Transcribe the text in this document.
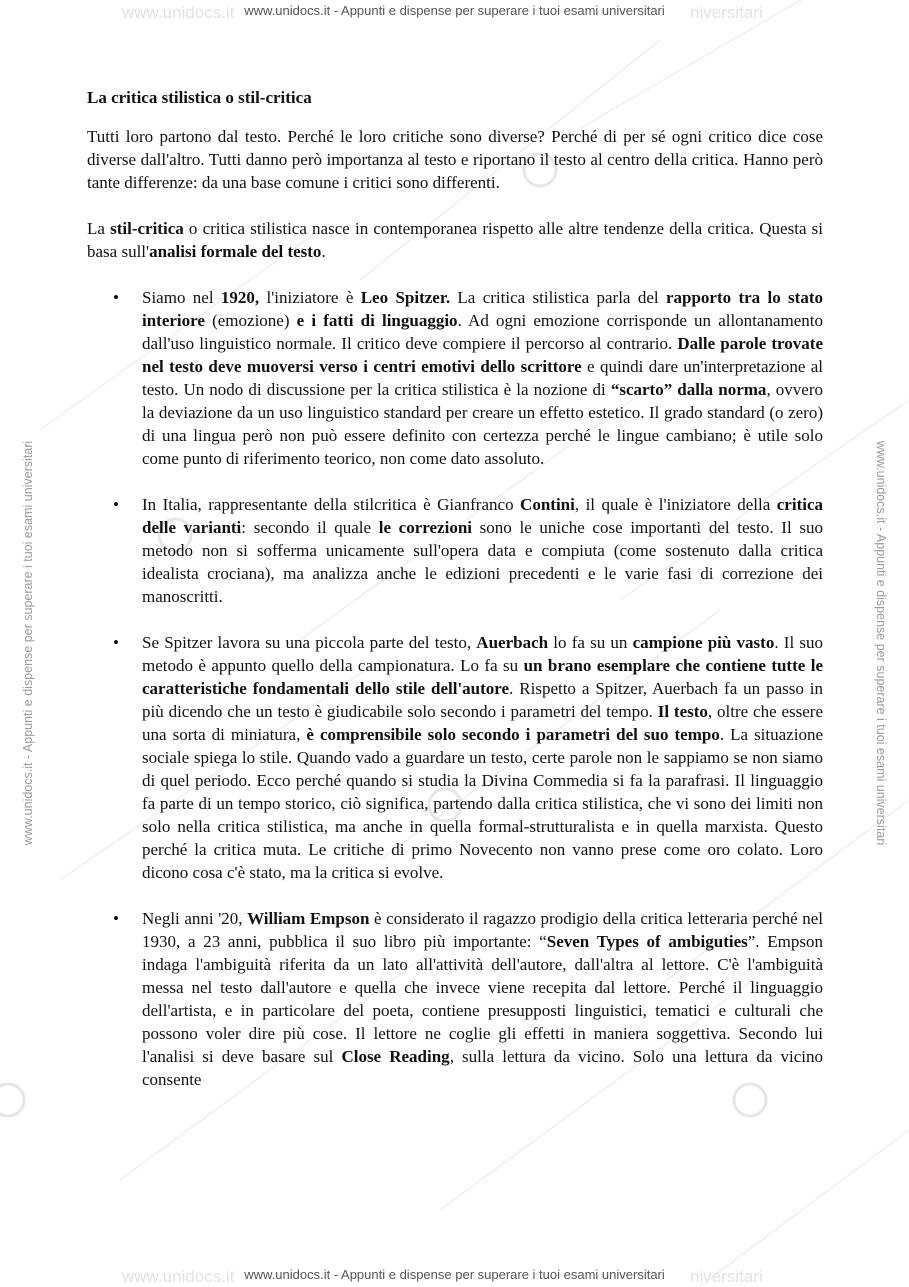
www.unidocs.it	niversitari
www.unidocs.it	niversitari
www.unidocs.it - Appunti e dispense per superare i tuoi esami universitari
www.unidocs.it - Appunti e dispense per superare i tuoi esami universitari
www.unidocs.it - Appunti e dispense per superare i tuoi esami universitari	www.unidocs.it - Appunti e dispense per superare i tuoi esami universitari
La critica stilistica o stil-critica

Tutti loro partono dal testo. Perché le loro critiche sono diverse? Perché di per sé ogni critico dice cose diverse dall'altro. Tutti danno però importanza al testo e riportano il testo al centro della critica. Hanno però tante differenze: da una base comune i critici sono differenti.

La stil-critica o critica stilistica nasce in contemporanea rispetto alle altre tendenze della critica. Questa si basa sull'analisi formale del testo.

• Siamo nel 1920, l'iniziatore è Leo Spitzer. La critica stilistica parla del rapporto tra lo stato interiore (emozione) e i fatti di linguaggio. Ad ogni emozione corrisponde un allontanamento dall'uso linguistico normale. Il critico deve compiere il percorso al contrario. Dalle parole trovate nel testo deve muoversi verso i centri emotivi dello scrittore e quindi dare un'interpretazione al testo. Un nodo di discussione per la critica stilistica è la nozione di “scarto” dalla norma, ovvero la deviazione da un uso linguistico standard per creare un effetto estetico. Il grado standard (o zero) di una lingua però non può essere definito con certezza perché le lingue cambiano; è utile solo come punto di riferimento teorico, non come dato assoluto.
• In Italia, rappresentante della stilcritica è Gianfranco Contini, il quale è l'iniziatore della critica delle varianti: secondo il quale le correzioni sono le uniche cose importanti del testo. Il suo metodo non si sofferma unicamente sull'opera data e compiuta (come sostenuto dalla critica idealista crociana), ma analizza anche le edizioni precedenti e le varie fasi di correzione dei manoscritti.
• Se Spitzer lavora su una piccola parte del testo, Auerbach lo fa su un campione più vasto. Il suo metodo è appunto quello della campionatura. Lo fa su un brano esemplare che contiene tutte le caratteristiche fondamentali dello stile dell'autore. Rispetto a Spitzer, Auerbach fa un passo in più dicendo che un testo è giudicabile solo secondo i parametri del tempo. Il testo, oltre che essere una sorta di miniatura, è comprensibile solo secondo i parametri del suo tempo. La situazione sociale spiega lo stile. Quando vado a guardare un testo, certe parole non le sappiamo se non siamo di quel periodo. Ecco perché quando si studia la Divina Commedia si fa la parafrasi. Il linguaggio fa parte di un tempo storico, ciò significa, partendo dalla critica stilistica, che vi sono dei limiti non solo nella critica stilistica, ma anche in quella formal-strutturalista e in quella marxista. Questo perché la critica muta. Le critiche di primo Novecento non vanno prese come oro colato. Loro dicono cosa c'è stato, ma la critica si evolve.
• Negli anni '20, William Empson è considerato il ragazzo prodigio della critica letteraria perché nel 1930, a 23 anni, pubblica il suo libro più importante: “Seven Types of ambiguties”. Empson indaga l'ambiguità riferita da un lato all'attività dell'autore, dall'altra al lettore. C'è l'ambiguità messa nel testo dall'autore e quella che invece viene recepita dal lettore. Perché il linguaggio dell'artista, e in particolare del poeta, contiene presupposti linguistici, tematici e culturali che possono voler dire più cose. Il lettore ne coglie gli effetti in maniera soggettiva. Secondo lui l'analisi si deve basare sul Close Reading, sulla lettura da vicino. Solo una lettura da vicino consente
